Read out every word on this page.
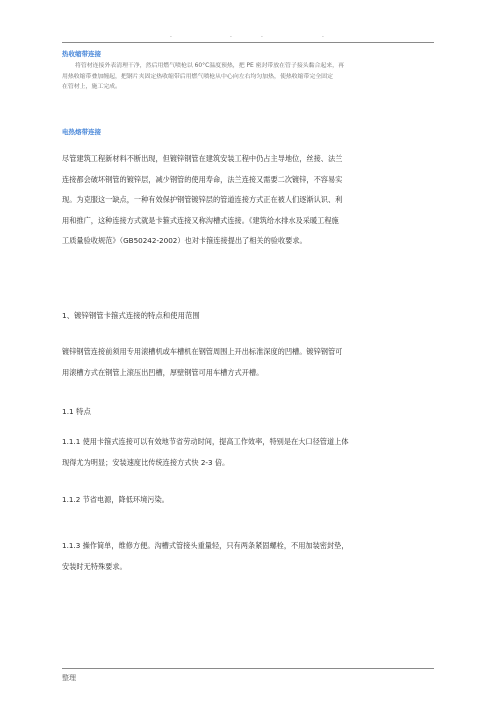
.	.	.	.
热收缩带连接
将管材连接外表清理干净，然后用燃气喷枪以 60°C温度预热，把 PE 密封带放在管子接头黏合起来，再
用热收缩带叠加缠起，把钢片夹固定热收缩带后用燃气喷枪从中心向左右均匀加热，使热收缩带完全固定
在管材上，施工完成。
电热熔带连接
尽管建筑工程新材料不断出现，但镀锌钢管在建筑安装工程中仍占主导地位，丝接、法兰
连接都会破坏钢管的镀锌层，减少钢管的使用寿命，法兰连接又需要二次镀锌，不容易实
现。为克服这一缺点，一种有效保护钢管镀锌层的管道连接方式正在被人们逐渐认识、利
用和推广，这种连接方式就是卡箍式连接又称沟槽式连接。《建筑给水排水及采暖工程施
工质量验收规范》（GB50242-2002）也对卡箍连接提出了相关的验收要求。
1、镀锌钢管卡箍式连接的特点和使用范围
镀锌钢管连接前须用专用滚槽机或车槽机在钢管周围上开出标准深度的凹槽。镀锌钢管可
用滚槽方式在钢管上滚压出凹槽，厚壁钢管可用车槽方式开槽。
1.1 特点
1.1.1 使用卡箍式连接可以有效地节省劳动时间，提高工作效率，特别是在大口径管道上体
现得尤为明显；安装速度比传统连接方式快 2-3 倍。
1.1.2 节省电源，降低环境污染。
1.1.3 操作简单，维修方便。沟槽式管接头重量轻，只有两条紧固螺栓，不用加装密封垫，
安装时无特殊要求。
整理
